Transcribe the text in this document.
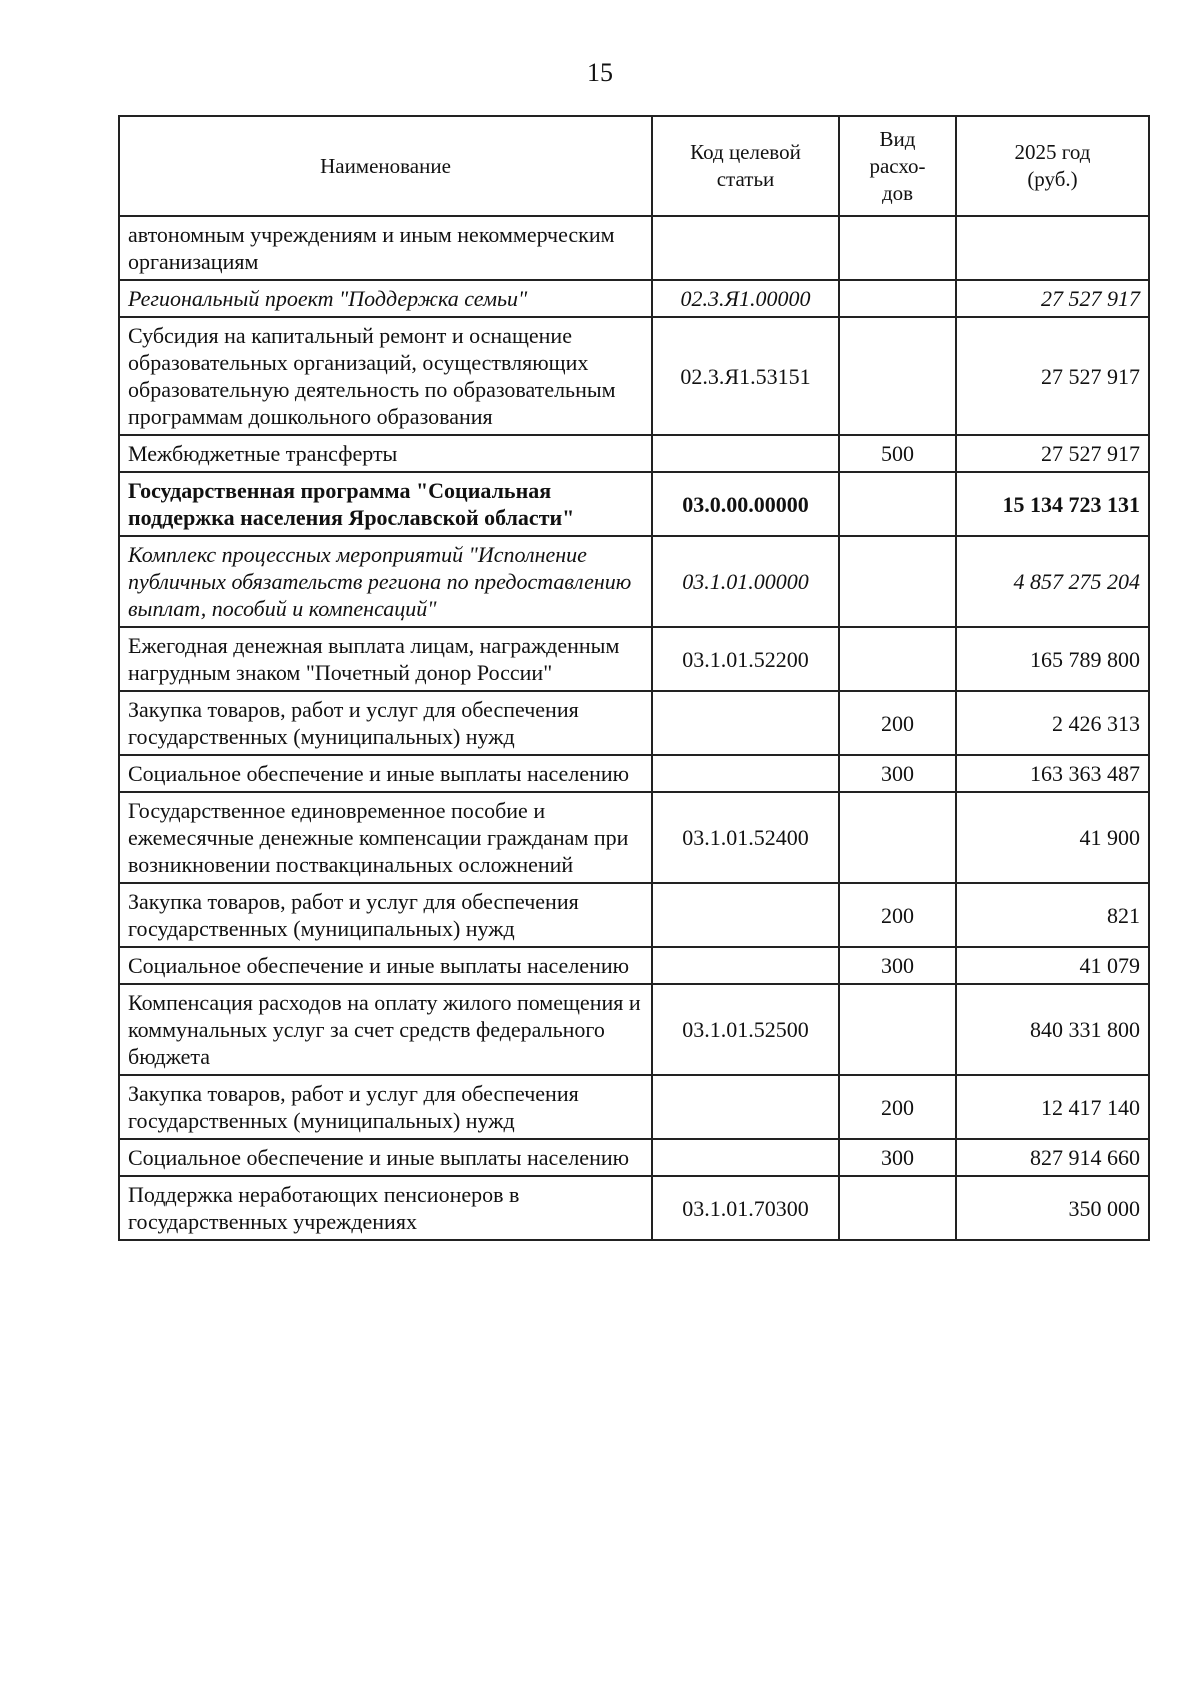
15
Наименование	Код целевой статьи	Вид расхо-дов	2025 год (руб.)
автономным учреждениям и иным некоммерческим организациям			
Региональный проект "Поддержка семьи"	02.3.Я1.00000		27 527 917
Субсидия на капитальный ремонт и оснащение образовательных организаций, осуществляющих образовательную деятельность по образовательным программам дошкольного образования	02.3.Я1.53151		27 527 917
Межбюджетные трансферты		500	27 527 917
Государственная программа "Социальная поддержка населения Ярославской области"	03.0.00.00000		15 134 723 131
Комплекс процессных мероприятий "Исполнение публичных обязательств региона по предоставлению выплат, пособий и компенсаций"	03.1.01.00000		4 857 275 204
Ежегодная денежная выплата лицам, награжденным нагрудным знаком "Почетный донор России"	03.1.01.52200		165 789 800
Закупка товаров, работ и услуг для обеспечения государственных (муниципальных) нужд		200	2 426 313
Социальное обеспечение и иные выплаты населению		300	163 363 487
Государственное единовременное пособие и ежемесячные денежные компенсации гражданам при возникновении поствакцинальных осложнений	03.1.01.52400		41 900
Закупка товаров, работ и услуг для обеспечения государственных (муниципальных) нужд		200	821
Социальное обеспечение и иные выплаты населению		300	41 079
Компенсация расходов на оплату жилого помещения и коммунальных услуг за счет средств федерального бюджета	03.1.01.52500		840 331 800
Закупка товаров, работ и услуг для обеспечения государственных (муниципальных) нужд		200	12 417 140
Социальное обеспечение и иные выплаты населению		300	827 914 660
Поддержка неработающих пенсионеров в государственных учреждениях	03.1.01.70300		350 000
